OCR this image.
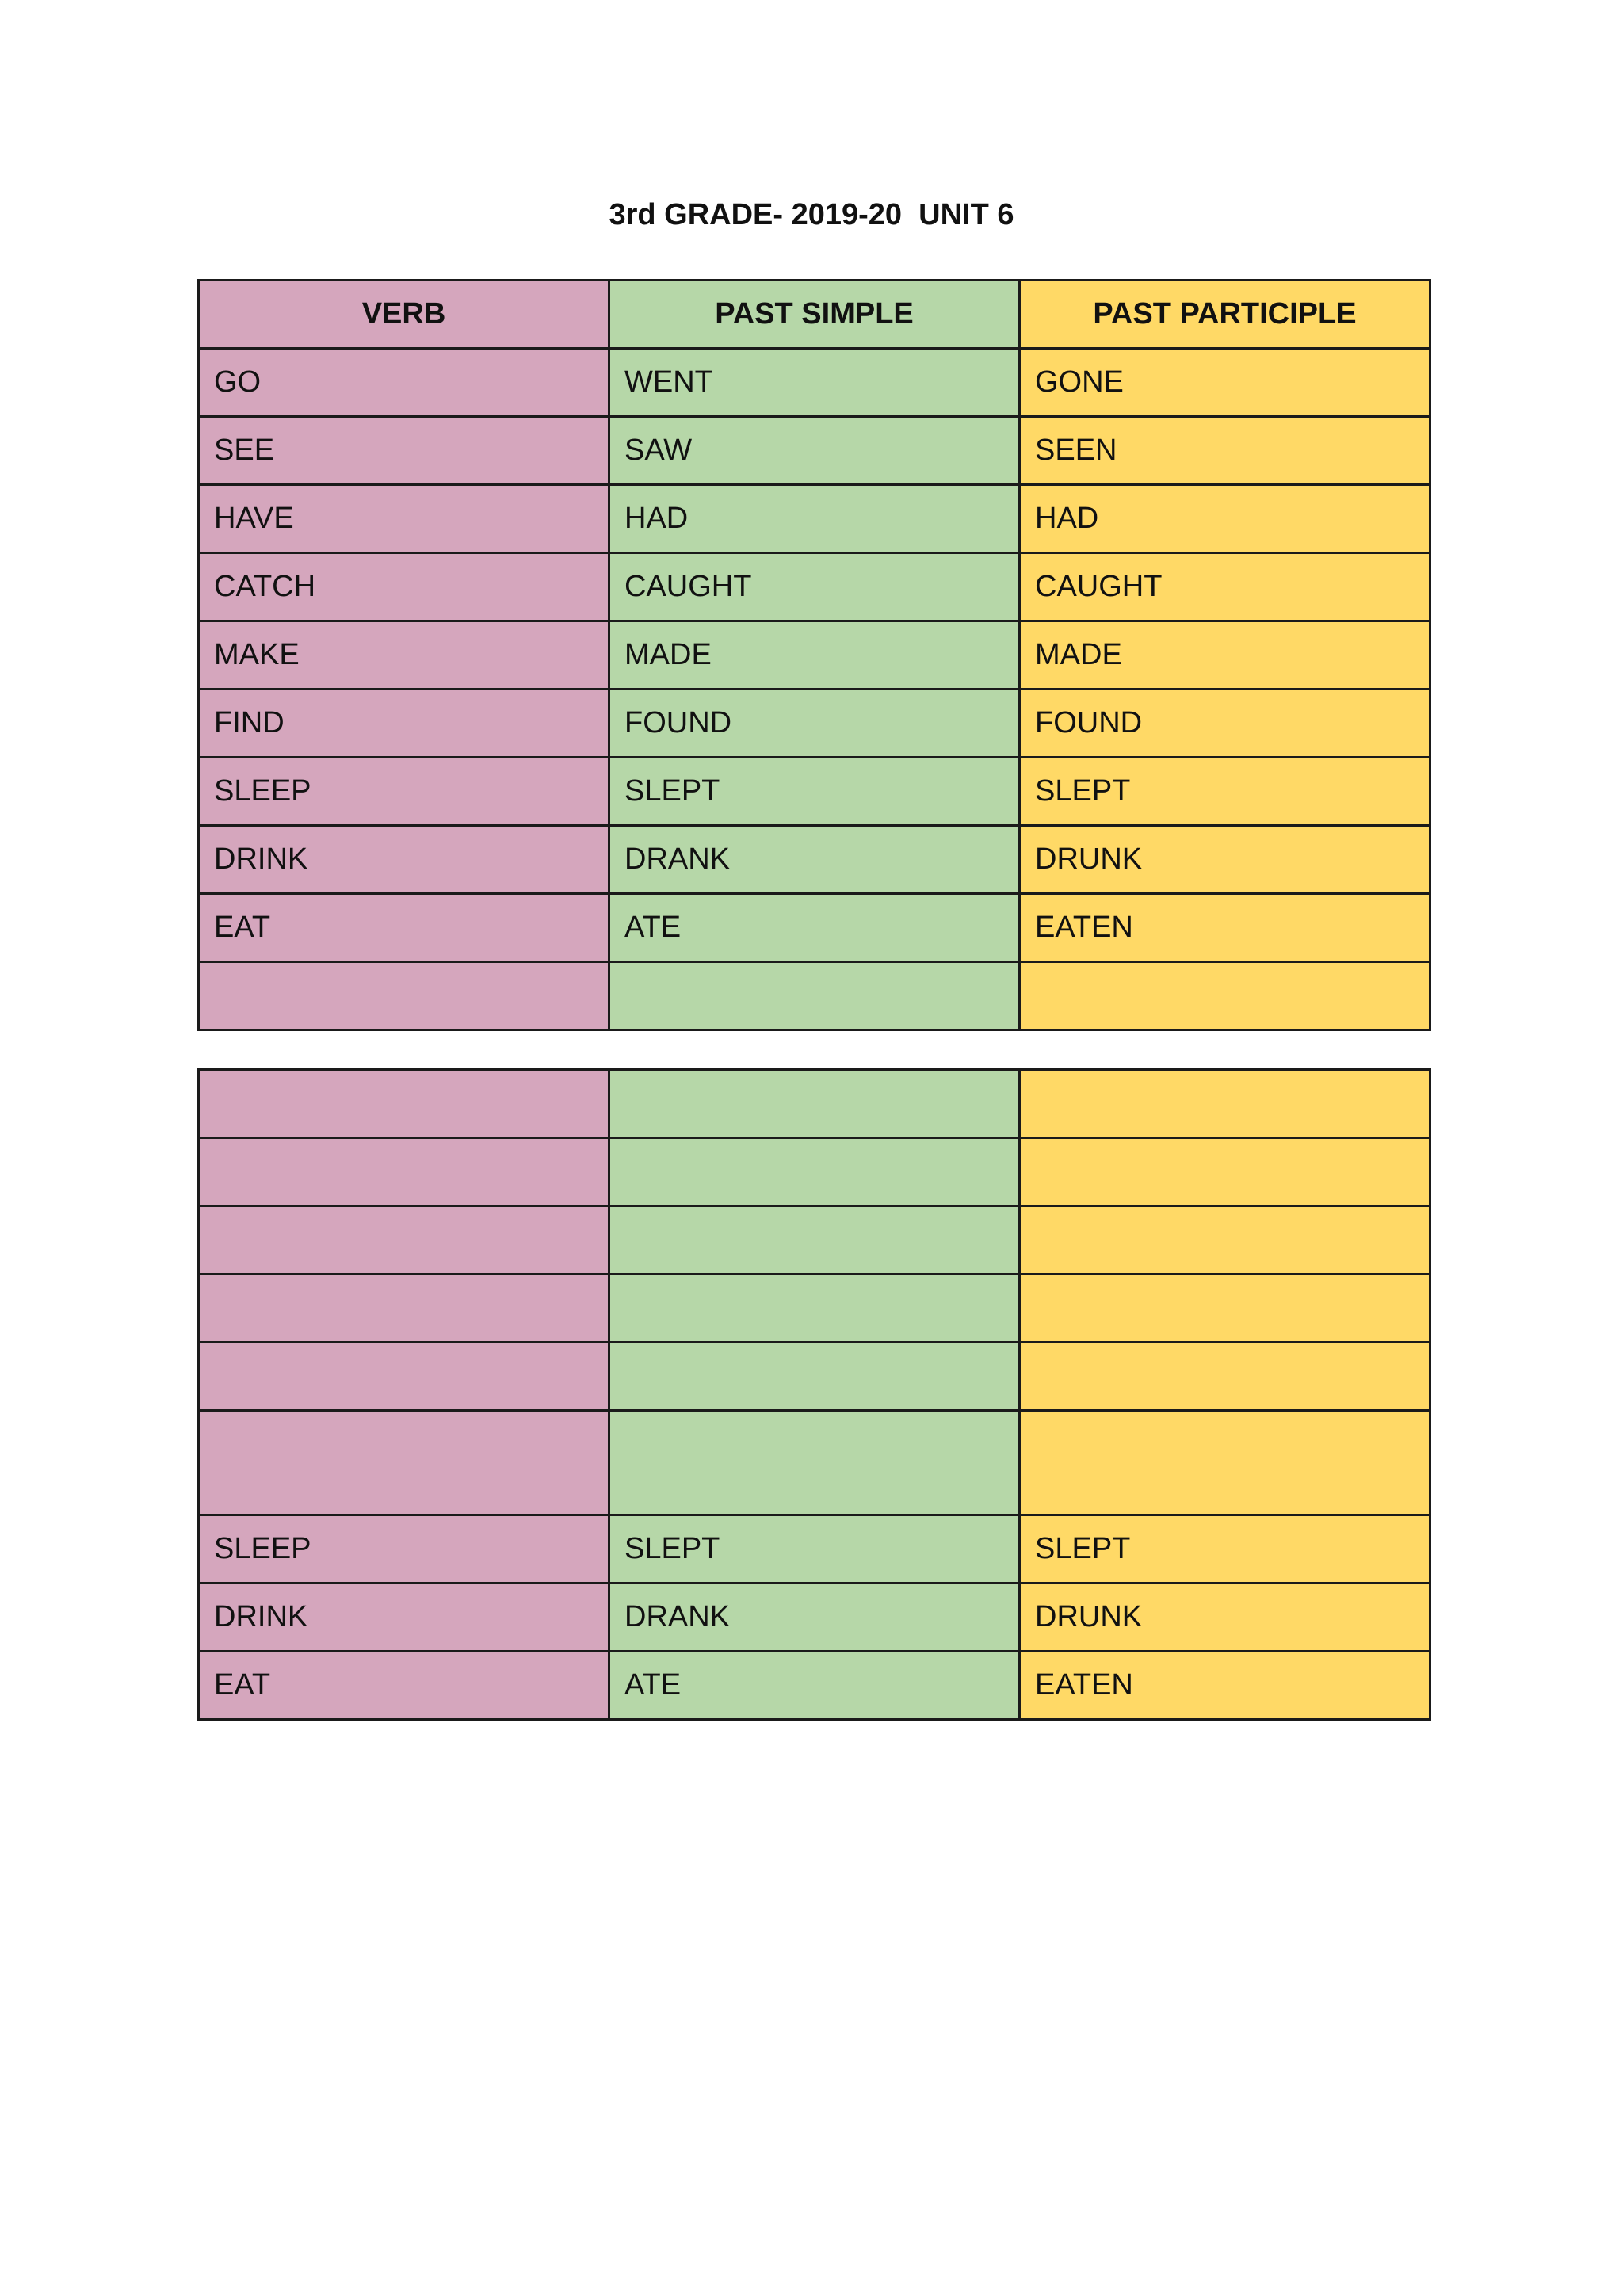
3rd GRADE- 2019-20  UNIT 6
VERB	PAST SIMPLE	PAST PARTICIPLE
GO	WENT	GONE
SEE	SAW	SEEN
HAVE	HAD	HAD
CATCH	CAUGHT	CAUGHT
MAKE	MADE	MADE
FIND	FOUND	FOUND
SLEEP	SLEPT	SLEPT
DRINK	DRANK	DRUNK
EAT	ATE	EATEN

SLEEP	SLEPT	SLEPT
DRINK	DRANK	DRUNK
EAT	ATE	EATEN
